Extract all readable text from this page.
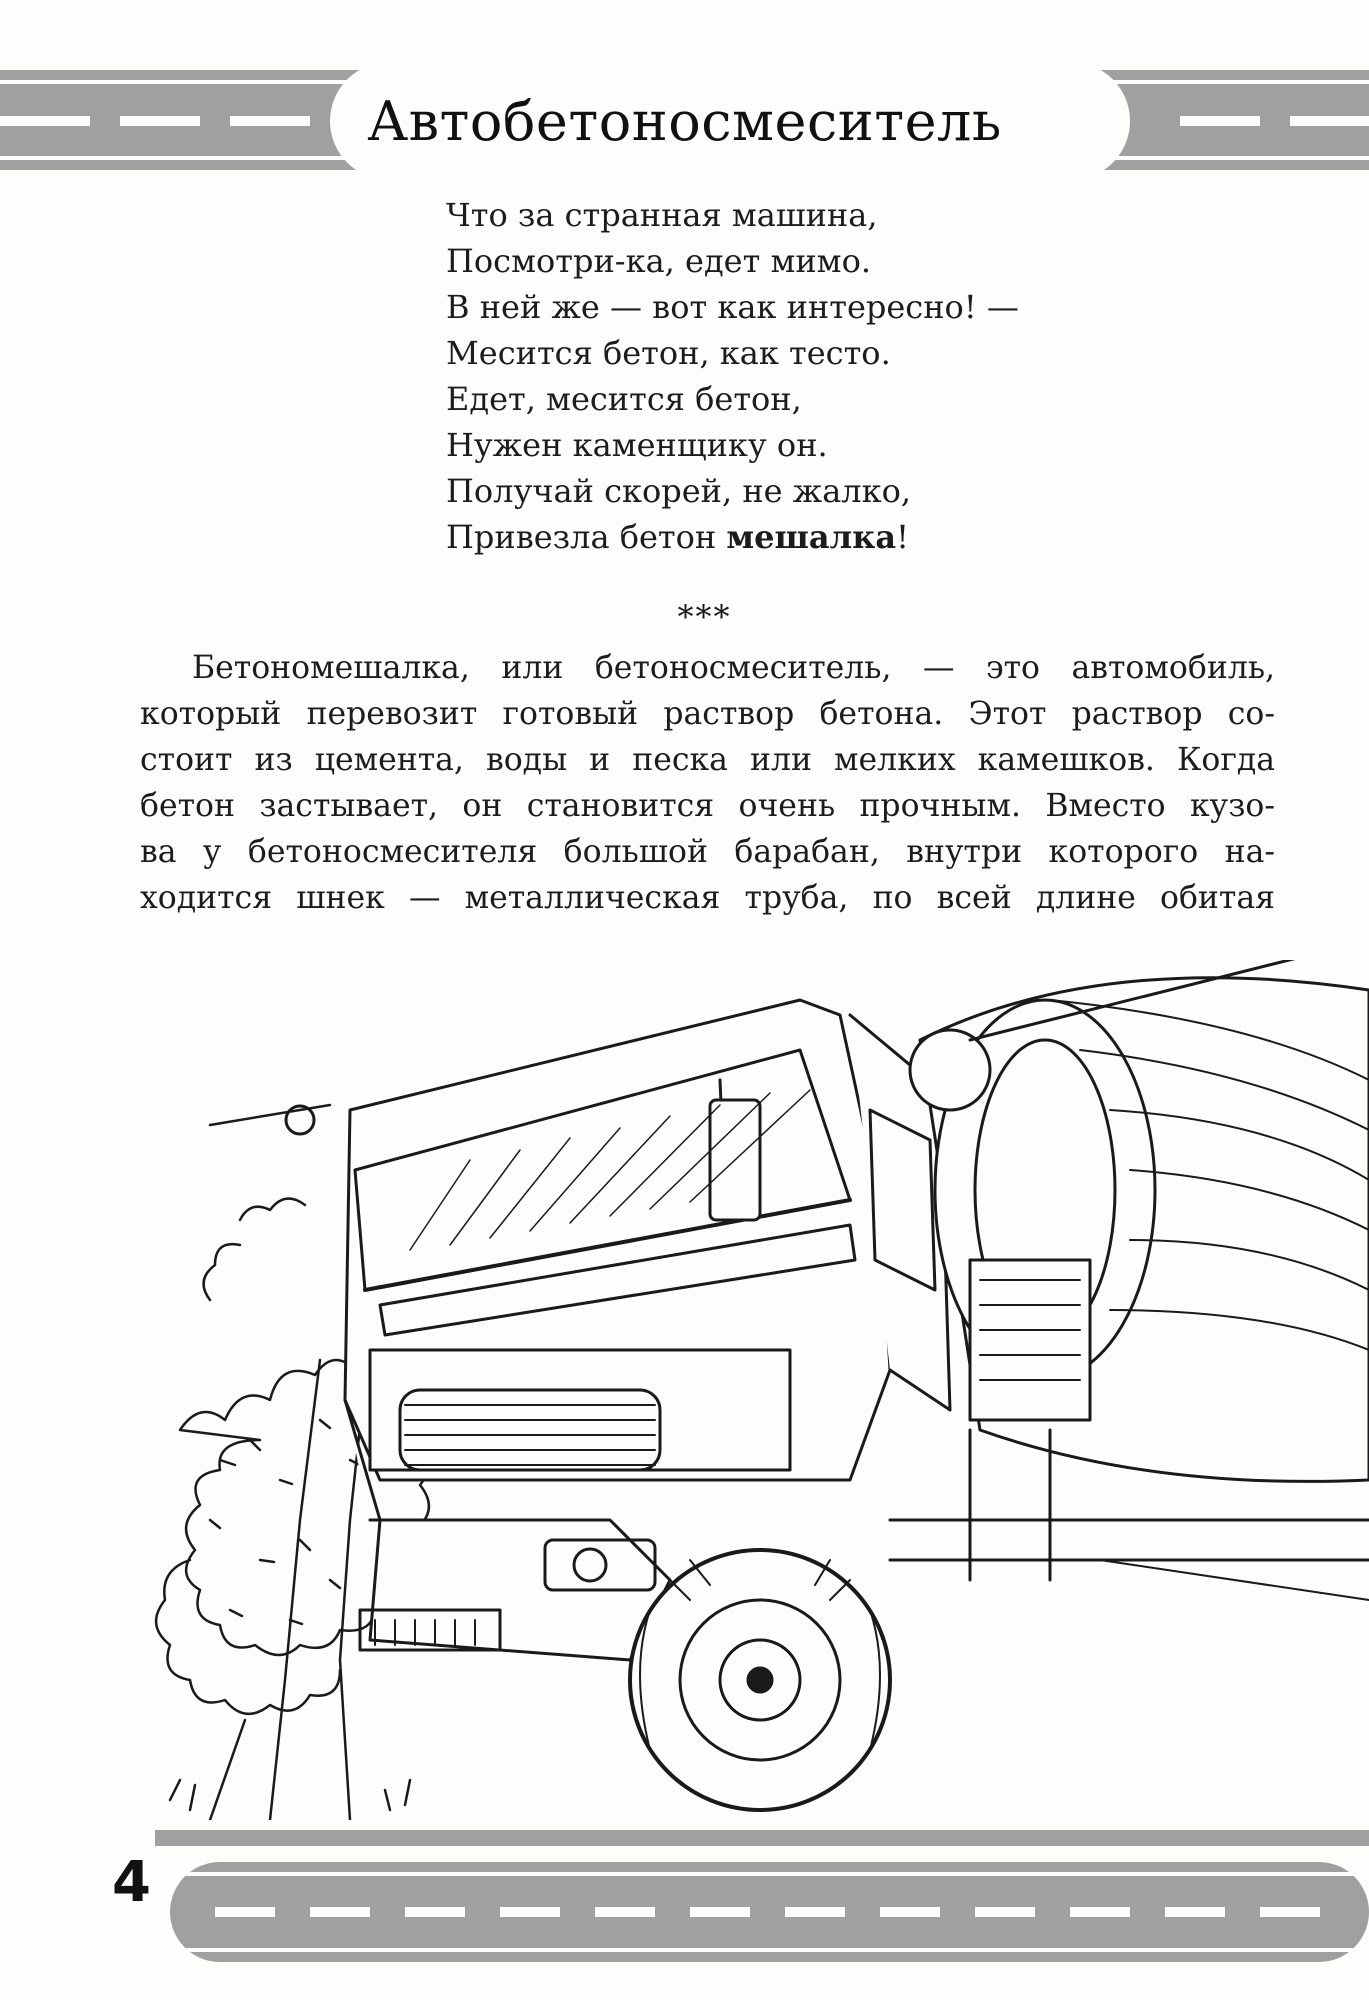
Автобетоносмеситель
Что за странная машина,
Посмотри-ка, едет мимо.
В ней же — вот как интересно! —
Месится бетон, как тесто.
Едет, месится бетон,
Нужен каменщику он.
Получай скорей, не жалко,
Привезла бетон мешалка!
***
Бетономешалка, или бетоносмеситель, — это автомобиль,
который перевозит готовый раствор бетона. Этот раствор со-
стоит из цемента, воды и песка или мелких камешков. Когда
бетон застывает, он становится очень прочным. Вместо кузо-
ва у бетоносмесителя большой барабан, внутри которого на-
ходится шнек — металлическая труба, по всей длине обитая
4
